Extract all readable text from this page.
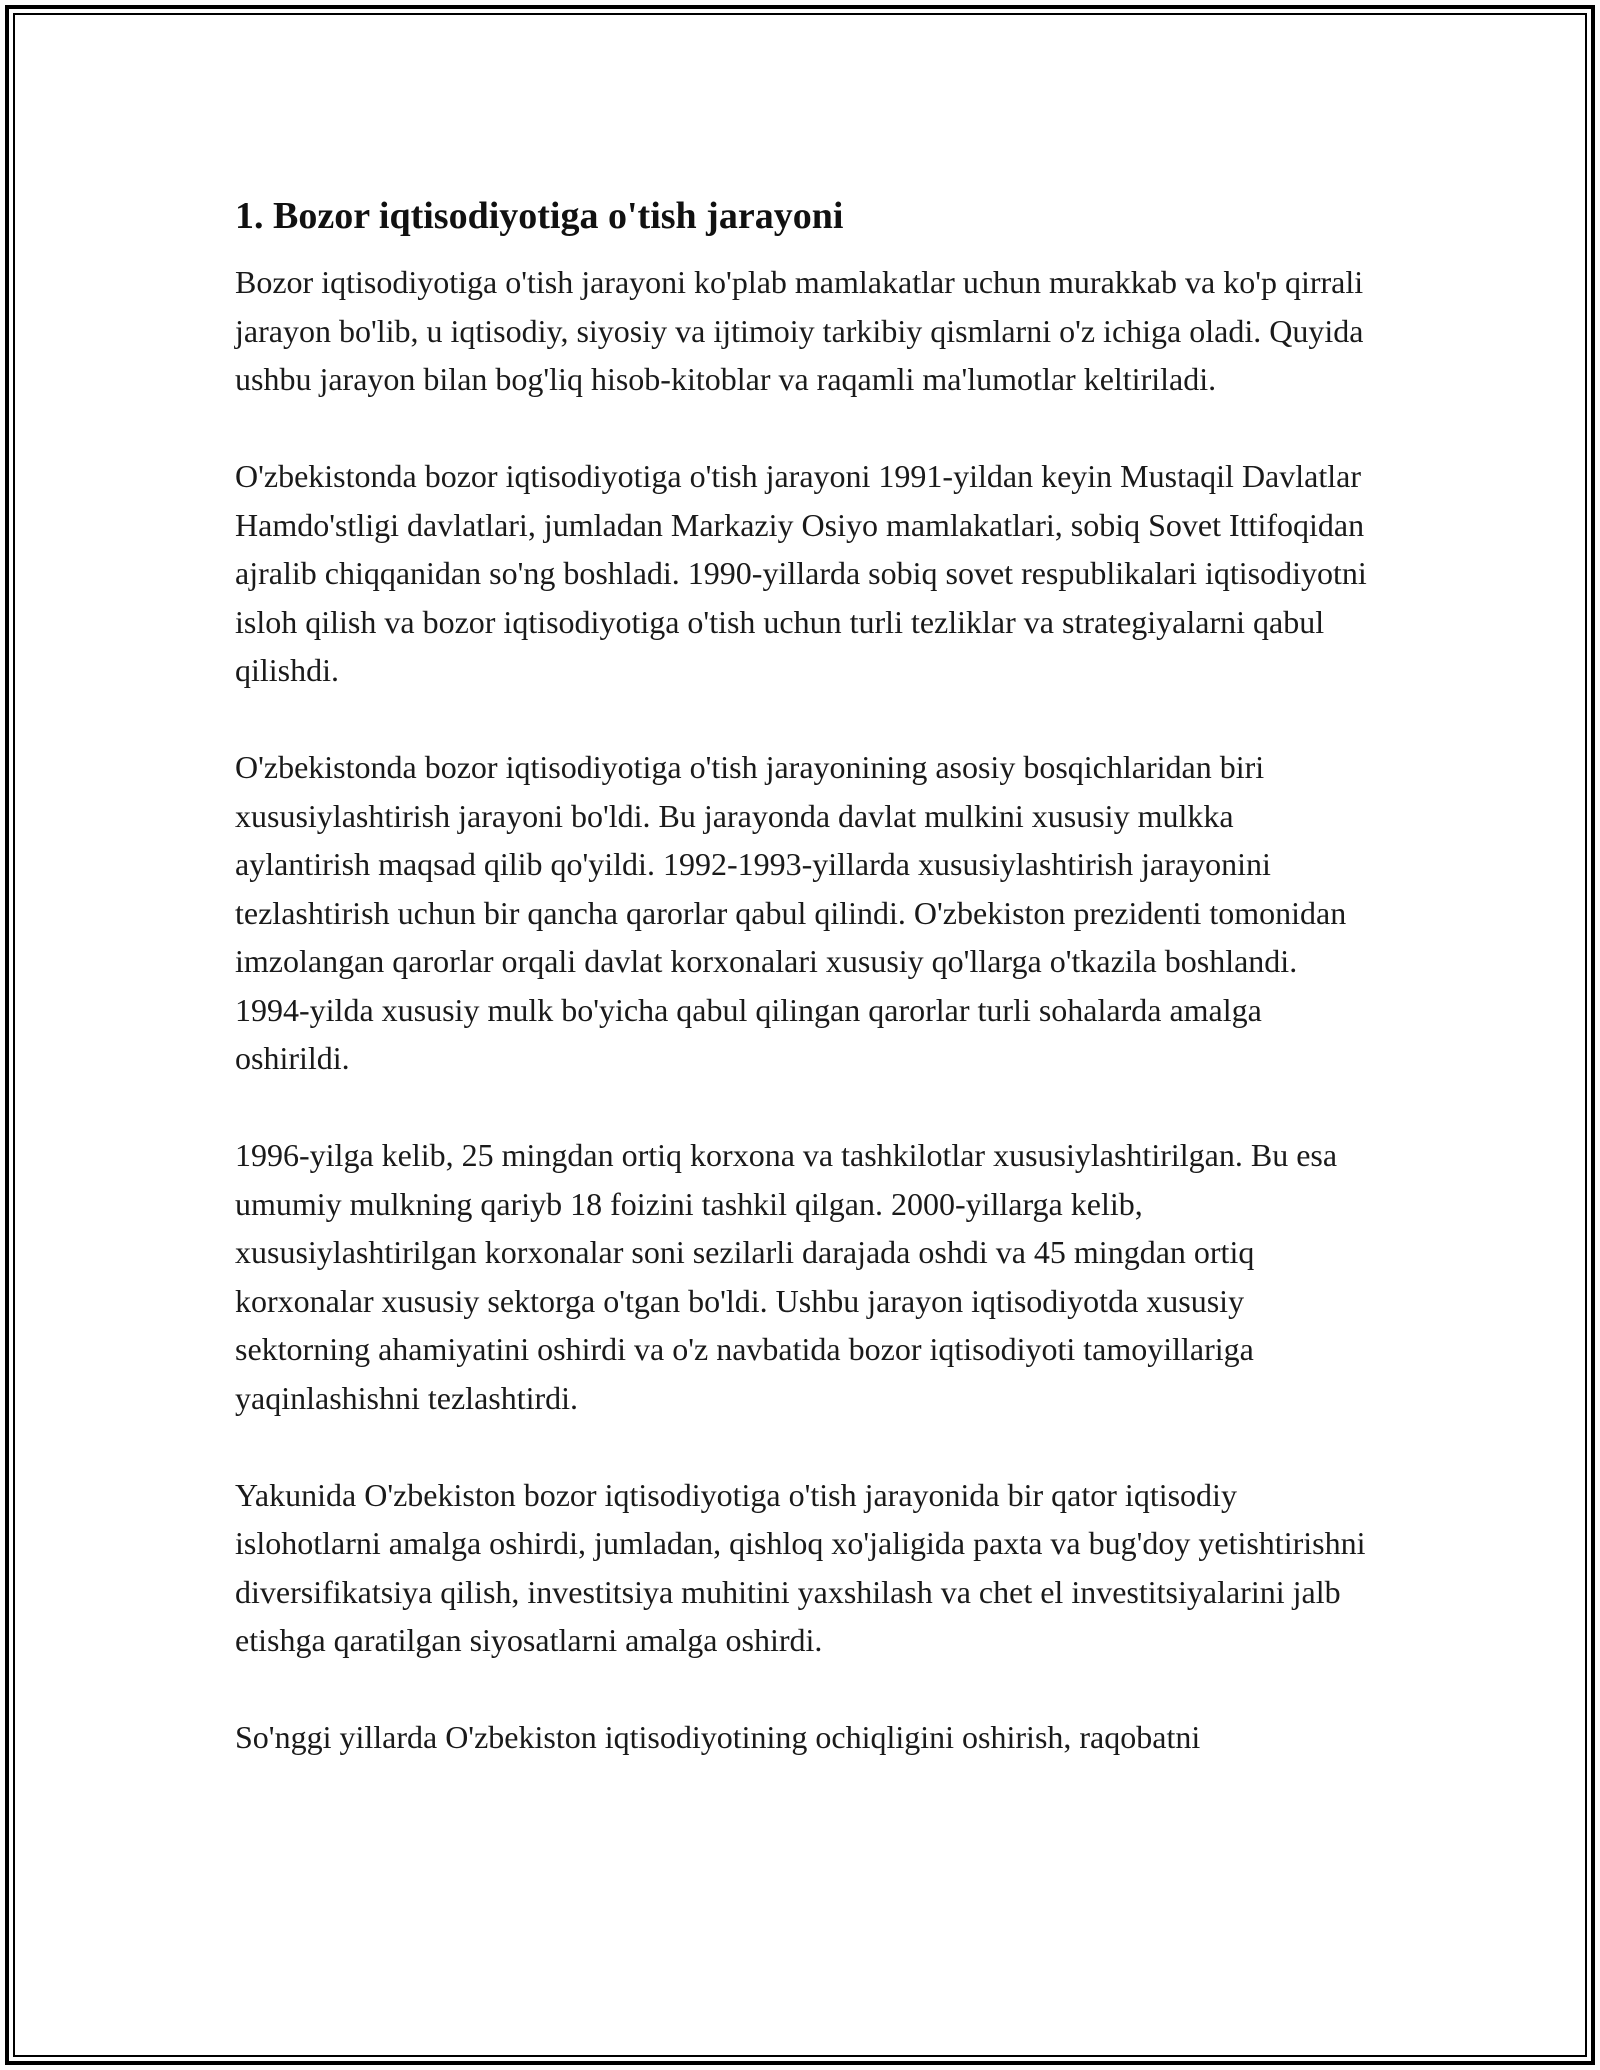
1. Bozor iqtisodiyotiga o'tish jarayoni

Bozor iqtisodiyotiga o'tish jarayoni ko'plab mamlakatlar uchun murakkab va ko'p qirrali jarayon bo'lib, u iqtisodiy, siyosiy va ijtimoiy tarkibiy qismlarni o'z ichiga oladi. Quyida ushbu jarayon bilan bog'liq hisob-kitoblar va raqamli ma'lumotlar keltiriladi.

O'zbekistonda bozor iqtisodiyotiga o'tish jarayoni 1991-yildan keyin Mustaqil Davlatlar Hamdo'stligi davlatlari, jumladan Markaziy Osiyo mamlakatlari, sobiq Sovet Ittifoqidan ajralib chiqqanidan so'ng boshladi. 1990-yillarda sobiq sovet respublikalari iqtisodiyotni isloh qilish va bozor iqtisodiyotiga o'tish uchun turli tezliklar va strategiyalarni qabul qilishdi.

O'zbekistonda bozor iqtisodiyotiga o'tish jarayonining asosiy bosqichlaridan biri xususiylashtirish jarayoni bo'ldi. Bu jarayonda davlat mulkini xususiy mulkka aylantirish maqsad qilib qo'yildi. 1992-1993-yillarda xususiylashtirish jarayonini tezlashtirish uchun bir qancha qarorlar qabul qilindi. O'zbekiston prezidenti tomonidan imzolangan qarorlar orqali davlat korxonalari xususiy qo'llarga o'tkazila boshlandi. 1994-yilda xususiy mulk bo'yicha qabul qilingan qarorlar turli sohalarda amalga oshirildi.

1996-yilga kelib, 25 mingdan ortiq korxona va tashkilotlar xususiylashtirilgan. Bu esa umumiy mulkning qariyb 18 foizini tashkil qilgan. 2000-yillarga kelib, xususiylashtirilgan korxonalar soni sezilarli darajada oshdi va 45 mingdan ortiq korxonalar xususiy sektorga o'tgan bo'ldi. Ushbu jarayon iqtisodiyotda xususiy sektorning ahamiyatini oshirdi va o'z navbatida bozor iqtisodiyoti tamoyillariga yaqinlashishni tezlashtirdi.

Yakunida O'zbekiston bozor iqtisodiyotiga o'tish jarayonida bir qator iqtisodiy islohotlarni amalga oshirdi, jumladan, qishloq xo'jaligida paxta va bug'doy yetishtirishni diversifikatsiya qilish, investitsiya muhitini yaxshilash va chet el investitsiyalarini jalb etishga qaratilgan siyosatlarni amalga oshirdi.

So'nggi yillarda O'zbekiston iqtisodiyotining ochiqligini oshirish, raqobatni
